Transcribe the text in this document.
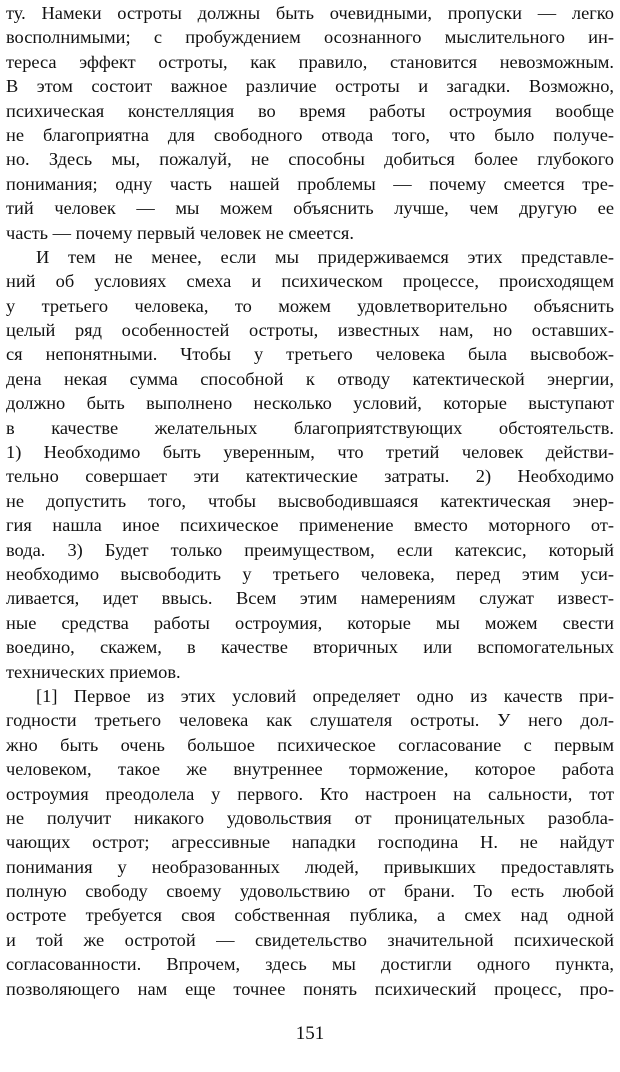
ту. Намеки остроты должны быть очевидными, пропуски — легко
восполнимыми; с пробуждением осознанного мыслительного ин-
тереса эффект остроты, как правило, становится невозможным.
В этом состоит важное различие остроты и загадки. Возможно,
психическая констелляция во время работы остроумия вообще
не благоприятна для свободного отвода того, что было получе-
но. Здесь мы, пожалуй, не способны добиться более глубокого
понимания; одну часть нашей проблемы — почему смеется тре-
тий человек — мы можем объяснить лучше, чем другую ее
часть — почему первый человек не смеется.
И тем не менее, если мы придерживаемся этих представле-
ний об условиях смеха и психическом процессе, происходящем
у третьего человека, то можем удовлетворительно объяснить
целый ряд особенностей остроты, известных нам, но оставших-
ся непонятными. Чтобы у третьего человека была высвобож-
дена некая сумма способной к отводу катектической энергии,
должно быть выполнено несколько условий, которые выступают
в качестве желательных благоприятствующих обстоятельств.
1) Необходимо быть уверенным, что третий человек действи-
тельно совершает эти катектические затраты. 2) Необходимо
не допустить того, чтобы высвободившаяся катектическая энер-
гия нашла иное психическое применение вместо моторного от-
вода. 3) Будет только преимуществом, если катексис, который
необходимо высвободить у третьего человека, перед этим уси-
ливается, идет ввысь. Всем этим намерениям служат извест-
ные средства работы остроумия, которые мы можем свести
воедино, скажем, в качестве вторичных или вспомогательных
технических приемов.
[1] Первое из этих условий определяет одно из качеств при-
годности третьего человека как слушателя остроты. У него дол-
жно быть очень большое психическое согласование с первым
человеком, такое же внутреннее торможение, которое работа
остроумия преодолела у первого. Кто настроен на сальности, тот
не получит никакого удовольствия от проницательных разобла-
чающих острот; агрессивные нападки господина Н. не найдут
понимания у необразованных людей, привыкших предоставлять
полную свободу своему удовольствию от брани. То есть любой
остроте требуется своя собственная публика, а смех над одной
и той же остротой — свидетельство значительной психической
согласованности. Впрочем, здесь мы достигли одного пункта,
позволяющего нам еще точнее понять психический процесс, про-
151
